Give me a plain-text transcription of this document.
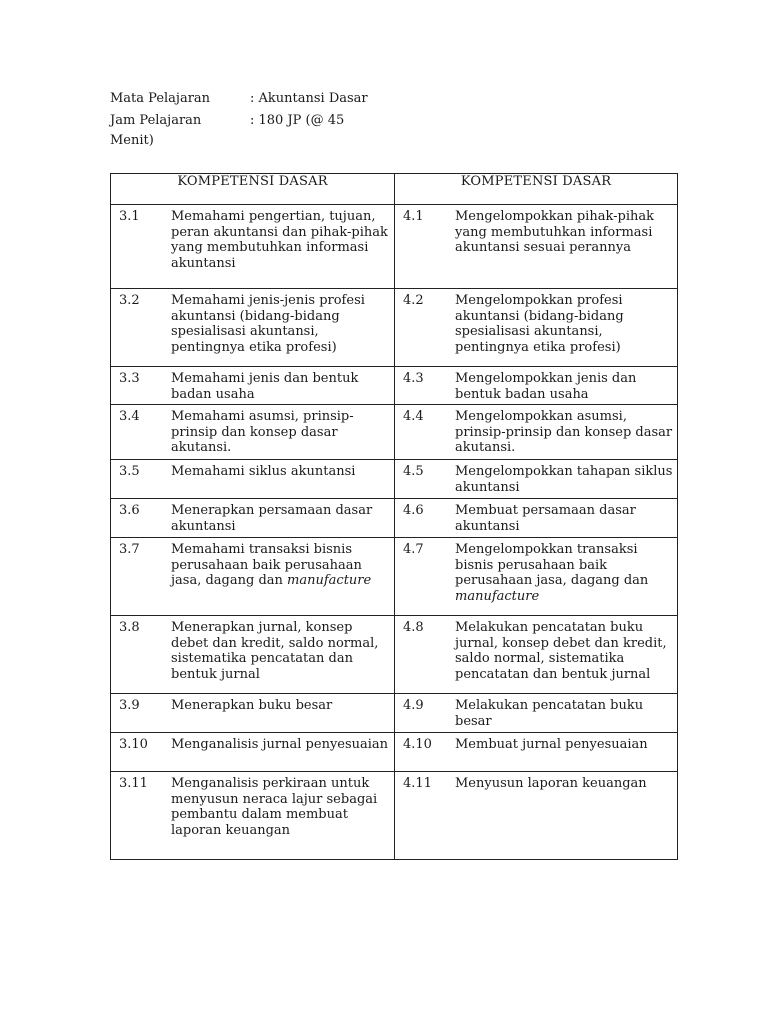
Mata Pelajaran	: Akuntansi Dasar
Jam Pelajaran	: 180 JP (@ 45
Menit)
KOMPETENSI DASAR	KOMPETENSI DASAR

3.1 Memahami pengertian, tujuan, peran akuntansi dan pihak-pihak yang membutuhkan informasi akuntansi	4.1 Mengelompokkan pihak-pihak yang membutuhkan informasi akuntansi sesuai perannya

3.2 Memahami jenis-jenis profesi akuntansi (bidang-bidang spesialisasi akuntansi, pentingnya etika profesi)	4.2 Mengelompokkan profesi akuntansi (bidang-bidang spesialisasi akuntansi, pentingnya etika profesi)

3.3 Memahami jenis dan bentuk badan usaha	4.3 Mengelompokkan jenis dan bentuk badan usaha

3.4 Memahami asumsi, prinsip-prinsip dan konsep dasar akutansi.	4.4 Mengelompokkan asumsi, prinsip-prinsip dan konsep dasar akutansi.

3.5 Memahami siklus akuntansi	4.5 Mengelompokkan tahapan siklus akuntansi

3.6 Menerapkan persamaan dasar akuntansi	4.6 Membuat persamaan dasar akuntansi

3.7 Memahami transaksi bisnis perusahaan baik perusahaan jasa, dagang dan manufacture	4.7 Mengelompokkan transaksi bisnis perusahaan baik perusahaan jasa, dagang dan manufacture

3.8 Menerapkan jurnal, konsep debet dan kredit, saldo normal, sistematika pencatatan dan bentuk jurnal	4.8 Melakukan pencatatan buku jurnal, konsep debet dan kredit, saldo normal, sistematika pencatatan dan bentuk jurnal

3.9 Menerapkan buku besar	4.9 Melakukan pencatatan buku besar

3.10 Menganalisis jurnal penyesuaian	4.10 Membuat jurnal penyesuaian

3.11 Menganalisis perkiraan untuk menyusun neraca lajur sebagai pembantu dalam membuat laporan keuangan	4.11 Menyusun laporan keuangan
